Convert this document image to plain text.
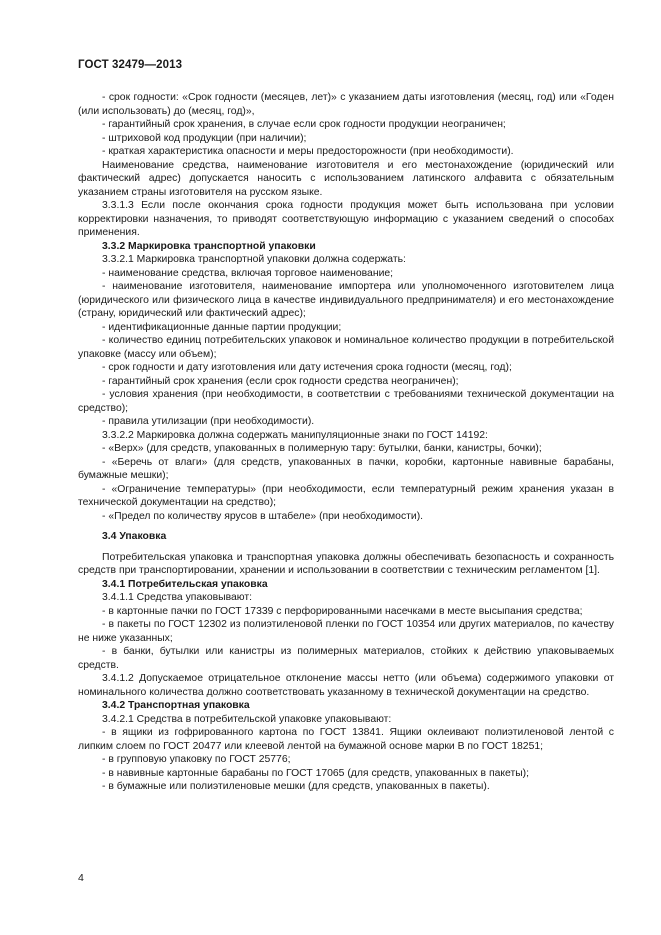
ГОСТ 32479—2013

- срок годности: «Срок годности (месяцев, лет)» с указанием даты изготовления (месяц, год) или «Годен (или использовать) до (месяц, год)»,

- гарантийный срок хранения, в случае если срок годности продукции неограничен;

- штриховой код продукции (при наличии);

- краткая характеристика опасности и меры предосторожности (при необходимости).

Наименование средства, наименование изготовителя и его местонахождение (юридический или фактический адрес) допускается наносить с использованием латинского алфавита с обязательным указанием страны изготовителя на русском языке.

3.3.1.3 Если после окончания срока годности продукция может быть использована при условии корректировки назначения, то приводят соответствующую информацию с указанием сведений о способах применения.

3.3.2 Маркировка транспортной упаковки

3.3.2.1 Маркировка транспортной упаковки должна содержать:

- наименование средства, включая торговое наименование;

- наименование изготовителя, наименование импортера или уполномоченного изготовителем лица (юридического или физического лица в качестве индивидуального предпринимателя) и его местонахождение (страну, юридический или фактический адрес);

- идентификационные данные партии продукции;

- количество единиц потребительских упаковок и номинальное количество продукции в потребительской упаковке (массу или объем);

- срок годности и дату изготовления или дату истечения срока годности (месяц, год);

- гарантийный срок хранения (если срок годности средства неограничен);

- условия хранения (при необходимости, в соответствии с требованиями технической документации на средство);

- правила утилизации (при необходимости).

3.3.2.2 Маркировка должна содержать манипуляционные знаки по ГОСТ 14192:

- «Верх» (для средств, упакованных в полимерную тару: бутылки, банки, канистры, бочки);

- «Беречь от влаги» (для средств, упакованных в пачки, коробки, картонные навивные барабаны, бумажные мешки);

- «Ограничение температуры» (при необходимости, если температурный режим хранения указан в технической документации на средство);

- «Предел по количеству ярусов в штабеле» (при необходимости).

3.4 Упаковка

Потребительская упаковка и транспортная упаковка должны обеспечивать безопасность и сохранность средств при транспортировании, хранении и использовании в соответствии с техническим регламентом [1].

3.4.1 Потребительская упаковка

3.4.1.1 Средства упаковывают:

- в картонные пачки по ГОСТ 17339 с перфорированными насечками в месте высыпания средства;

- в пакеты по ГОСТ 12302 из полиэтиленовой пленки по ГОСТ 10354 или других материалов, по качеству не ниже указанных;

- в банки, бутылки или канистры из полимерных материалов, стойких к действию упаковываемых средств.

3.4.1.2 Допускаемое отрицательное отклонение массы нетто (или объема) содержимого упаковки от номинального количества должно соответствовать указанному в технической документации на средство.

3.4.2 Транспортная упаковка

3.4.2.1 Средства в потребительской упаковке упаковывают:

- в ящики из гофрированного картона по ГОСТ 13841. Ящики оклеивают полиэтиленовой лентой с липким слоем по ГОСТ 20477 или клеевой лентой на бумажной основе марки В по ГОСТ 18251;

- в групповую упаковку по ГОСТ 25776;

- в навивные картонные барабаны по ГОСТ 17065 (для средств, упакованных в пакеты);

- в бумажные или полиэтиленовые мешки (для средств, упакованных в пакеты).

4
